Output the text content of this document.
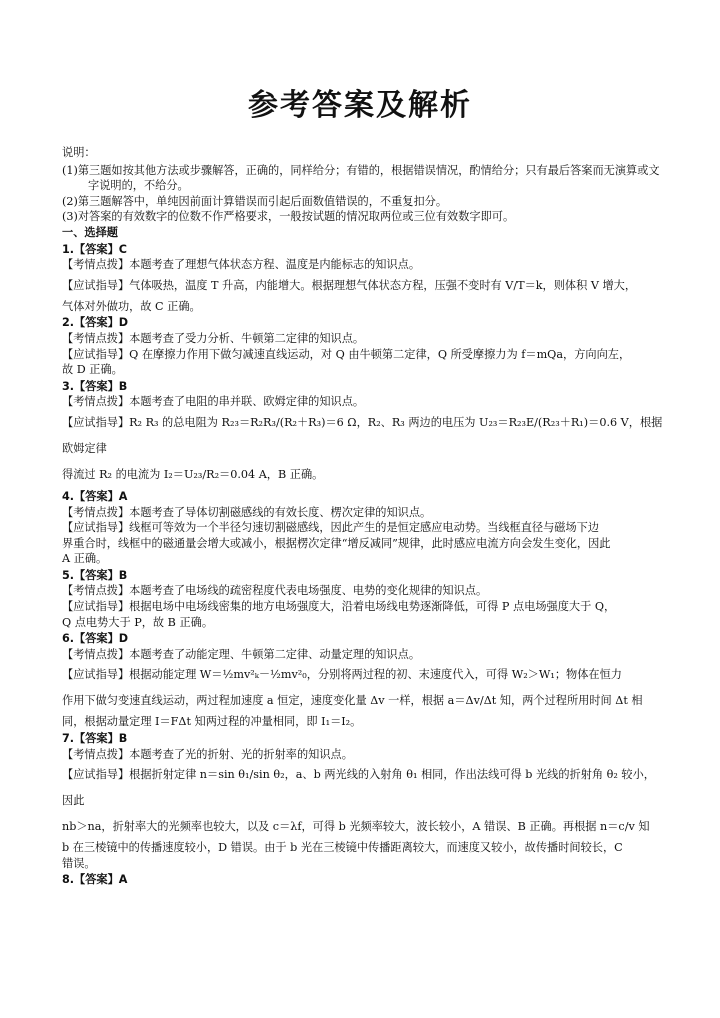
参考答案及解析

说明：

(1)第三题如按其他方法或步骤解答，正确的，同样给分；有错的，根据错误情况，酌情给分；只有最后答案而无演算或文字说明的，不给分。

(2)第三题解答中，单纯因前面计算错误而引起后面数值错误的，不重复扣分。

(3)对答案的有效数字的位数不作严格要求，一般按试题的情况取两位或三位有效数字即可。

一、选择题

1.【答案】C

【考情点拨】本题考查了理想气体状态方程、温度是内能标志的知识点。

【应试指导】气体吸热，温度 T 升高，内能增大。根据理想气体状态方程，压强不变时有 V/T＝k，则体积 V 增大，

气体对外做功，故 C 正确。

2.【答案】D

【考情点拨】本题考查了受力分析、牛顿第二定律的知识点。

【应试指导】Q 在摩擦力作用下做匀减速直线运动，对 Q 由牛顿第二定律，Q 所受摩擦力为 f＝mQa，方向向左，

故 D 正确。

3.【答案】B

【考情点拨】本题考查了电阻的串并联、欧姆定律的知识点。

【应试指导】R₂ R₃ 的总电阻为 R₂₃＝R₂R₃/(R₂＋R₃)＝6 Ω，R₂、R₃ 两边的电压为 U₂₃＝R₂₃E/(R₂₃＋R₁)＝0.6 V，根据欧姆定律

得流过 R₂ 的电流为 I₂＝U₂₃/R₂＝0.04 A，B 正确。

4.【答案】A

【考情点拨】本题考查了导体切割磁感线的有效长度、楞次定律的知识点。

【应试指导】线框可等效为一个半径匀速切割磁感线，因此产生的是恒定感应电动势。当线框直径与磁场下边

界重合时，线框中的磁通量会增大或减小，根据楞次定律“增反减同”规律，此时感应电流方向会发生变化，因此

A 正确。

5.【答案】B

【考情点拨】本题考查了电场线的疏密程度代表电场强度、电势的变化规律的知识点。

【应试指导】根据电场中电场线密集的地方电场强度大，沿着电场线电势逐渐降低，可得 P 点电场强度大于 Q，

Q 点电势大于 P，故 B 正确。

6.【答案】D

【考情点拨】本题考查了动能定理、牛顿第二定律、动量定理的知识点。

【应试指导】根据动能定理 W＝½mv²ₖ－½mv²₀，分别将两过程的初、末速度代入，可得 W₂＞W₁；物体在恒力

作用下做匀变速直线运动，两过程加速度 a 恒定，速度变化量 Δv 一样，根据 a＝Δv/Δt 知，两个过程所用时间 Δt 相

同，根据动量定理 I＝FΔt 知两过程的冲量相同，即 I₁＝I₂。

7.【答案】B

【考情点拨】本题考查了光的折射、光的折射率的知识点。

【应试指导】根据折射定律 n＝sin θ₁/sin θ₂，a、b 两光线的入射角 θ₁ 相同，作出法线可得 b 光线的折射角 θ₂ 较小，因此

nb＞na，折射率大的光频率也较大，以及 c＝λf，可得 b 光频率较大，波长较小，A 错误、B 正确。再根据 n＝c/v 知

b 在三棱镜中的传播速度较小，D 错误。由于 b 光在三棱镜中传播距离较大，而速度又较小，故传播时间较长，C

错误。

8.【答案】A
